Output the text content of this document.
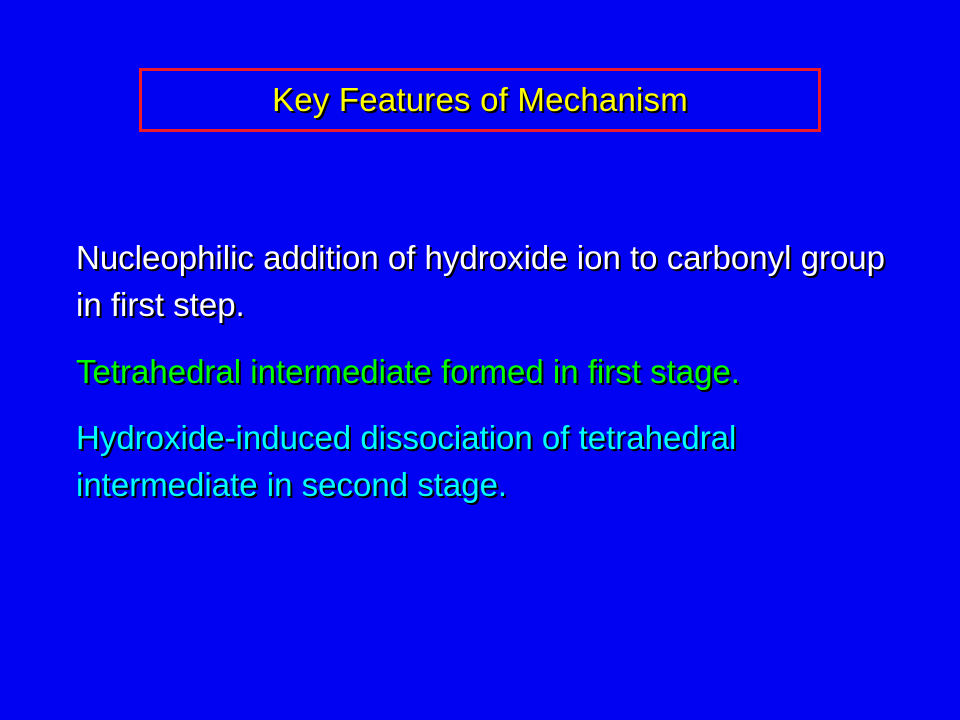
Key Features of Mechanism
Nucleophilic addition of hydroxide ion to carbonyl group in first step.
Tetrahedral intermediate formed in first stage.
Hydroxide-induced dissociation of tetrahedral intermediate in second stage.
